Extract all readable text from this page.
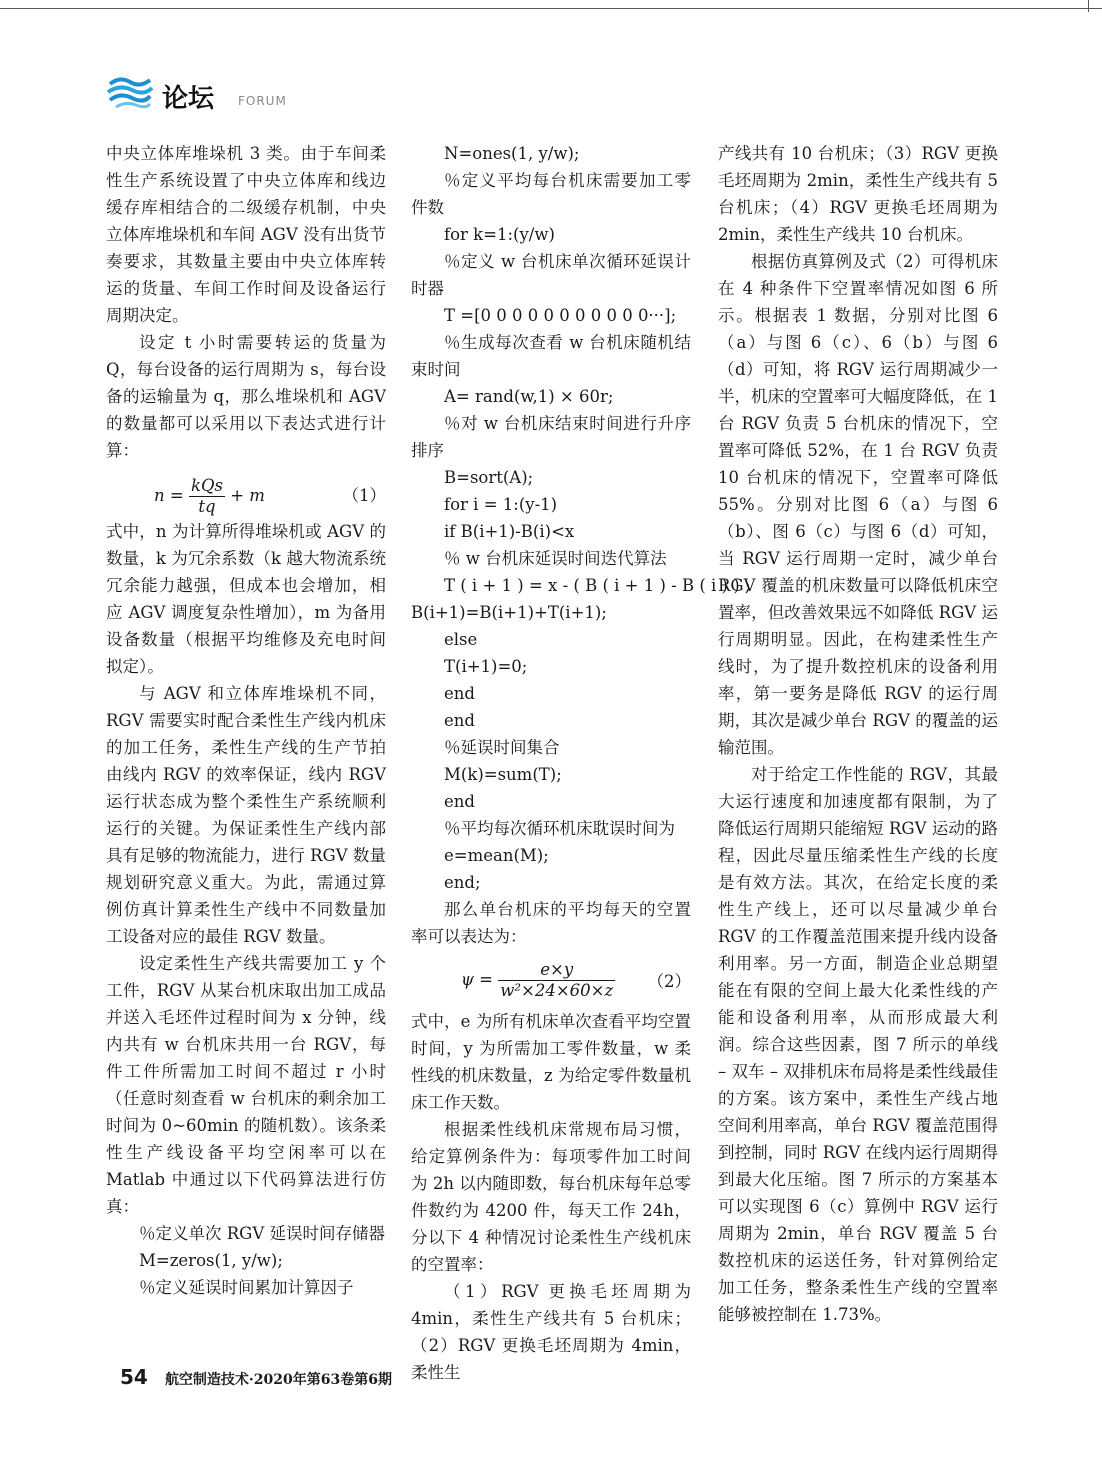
论坛 FORUM

中央立体库堆垛机 3 类。由于车间柔性生产系统设置了中央立体库和线边缓存库相结合的二级缓存机制，中央立体库堆垛机和车间 AGV 没有出货节奏要求，其数量主要由中央立体库转运的货量、车间工作时间及设备运行周期决定。

设定 t 小时需要转运的货量为 Q，每台设备的运行周期为 s，每台设备的运输量为 q，那么堆垛机和 AGV 的数量都可以采用以下表达式进行计算：

$n = \frac{\text{kQs}}{tq} + m$	（1）

式中，n 为计算所得堆垛机或 AGV 的数量，k 为冗余系数（k 越大物流系统冗余能力越强，但成本也会增加，相应 AGV 调度复杂性增加），m 为备用设备数量（根据平均维修及充电时间拟定）。

与 AGV 和立体库堆垛机不同，RGV 需要实时配合柔性生产线内机床的加工任务，柔性生产线的生产节拍由线内 RGV 的效率保证，线内 RGV 运行状态成为整个柔性生产系统顺利运行的关键。为保证柔性生产线内部具有足够的物流能力，进行 RGV 数量规划研究意义重大。为此，需通过算例仿真计算柔性生产线中不同数量加工设备对应的最佳 RGV 数量。

设定柔性生产线共需要加工 y 个工件，RGV 从某台机床取出加工成品并送入毛坯件过程时间为 x 分钟，线内共有 w 台机床共用一台 RGV，每件工件所需加工时间不超过 r 小时（任意时刻查看 w 台机床的剩余加工时间为 0~60min 的随机数）。该条柔性生产线设备平均空闲率可以在 Matlab 中通过以下代码算法进行仿真：

％定义单次 RGV 延误时间存储器

M=zeros(1, y/w);

％定义延误时间累加计算因子

N=ones(1, y/w);

％定义平均每台机床需要加工零件数

for k=1:(y/w)

％定义 w 台机床单次循环延误计时器

T =[0 0 0 0 0 0 0 0 0 0 0···];

％生成每次查看 w 台机床随机结束时间

A= rand(w,1) × 60r;

％对 w 台机床结束时间进行升序排序

B=sort(A);

for i = 1:(y-1)

if B(i+1)-B(i)<x

％ w 台机床延误时间迭代算法

T ( i + 1 ) = x - ( B ( i + 1 ) - B ( i ) ) ;

B(i+1)=B(i+1)+T(i+1);

else

T(i+1)=0;

end

end

％延误时间集合

M(k)=sum(T);

end

％平均每次循环机床耽误时间为

e=mean(M);

end;

那么单台机床的平均每天的空置率可以表达为：

$\psi = \frac{e\times y}{\text{w²×24×60×z}} (2)$

式中，e 为所有机床单次查看平均空置时间，y 为所需加工零件数量，w 柔性线的机床数量，z 为给定零件数量机床工作天数。

根据柔性线机床常规布局习惯，给定算例条件为：每项零件加工时间为 2h 以内随即数，每台机床每年总零件数约为 4200 件，每天工作 24h，分以下 4 种情况讨论柔性生产线机床的空置率：

（1）RGV 更换毛坯周期为 4min，柔性生产线共有 5 台机床；（2）RGV 更换毛坯周期为 4min，柔性生

产线共有 10 台机床；（3）RGV 更换毛坯周期为 2min，柔性生产线共有 5 台机床；（4）RGV 更换毛坯周期为 2min，柔性生产线共 10 台机床。

根据仿真算例及式（2）可得机床在 4 种条件下空置率情况如图 6 所示。根据表 1 数据，分别对比图 6（a）与图 6（c）、6（b）与图 6（d）可知，将 RGV 运行周期减少一半，机床的空置率可大幅度降低，在 1 台 RGV 负责 5 台机床的情况下，空置率可降低 52%，在 1 台 RGV 负责 10 台机床的情况下，空置率可降低 55%。分别对比图 6（a）与图 6（b）、图 6（c）与图 6（d）可知，当 RGV 运行周期一定时，减少单台 RGV 覆盖的机床数量可以降低机床空置率，但改善效果远不如降低 RGV 运行周期明显。因此，在构建柔性生产线时，为了提升数控机床的设备利用率，第一要务是降低 RGV 的运行周期，其次是减少单台 RGV 的覆盖的运输范围。

对于给定工作性能的 RGV，其最大运行速度和加速度都有限制，为了降低运行周期只能缩短 RGV 运动的路程，因此尽量压缩柔性生产线的长度是有效方法。其次，在给定长度的柔性生产线上，还可以尽量减少单台 RGV 的工作覆盖范围来提升线内设备利用率。另一方面，制造企业总期望能在有限的空间上最大化柔性线的产能和设备利用率，从而形成最大利润。综合这些因素，图 7 所示的单线 – 双车 – 双排机床布局将是柔性线最佳的方案。该方案中，柔性生产线占地空间利用率高，单台 RGV 覆盖范围得到控制，同时 RGV 在线内运行周期得到最大化压缩。图 7 所示的方案基本可以实现图 6（c）算例中 RGV 运行周期为 2min，单台 RGV 覆盖 5 台数控机床的运送任务，针对算例给定加工任务，整条柔性生产线的空置率能够被控制在 1.73%。

54 航空制造技术·2020年第63卷第6期
